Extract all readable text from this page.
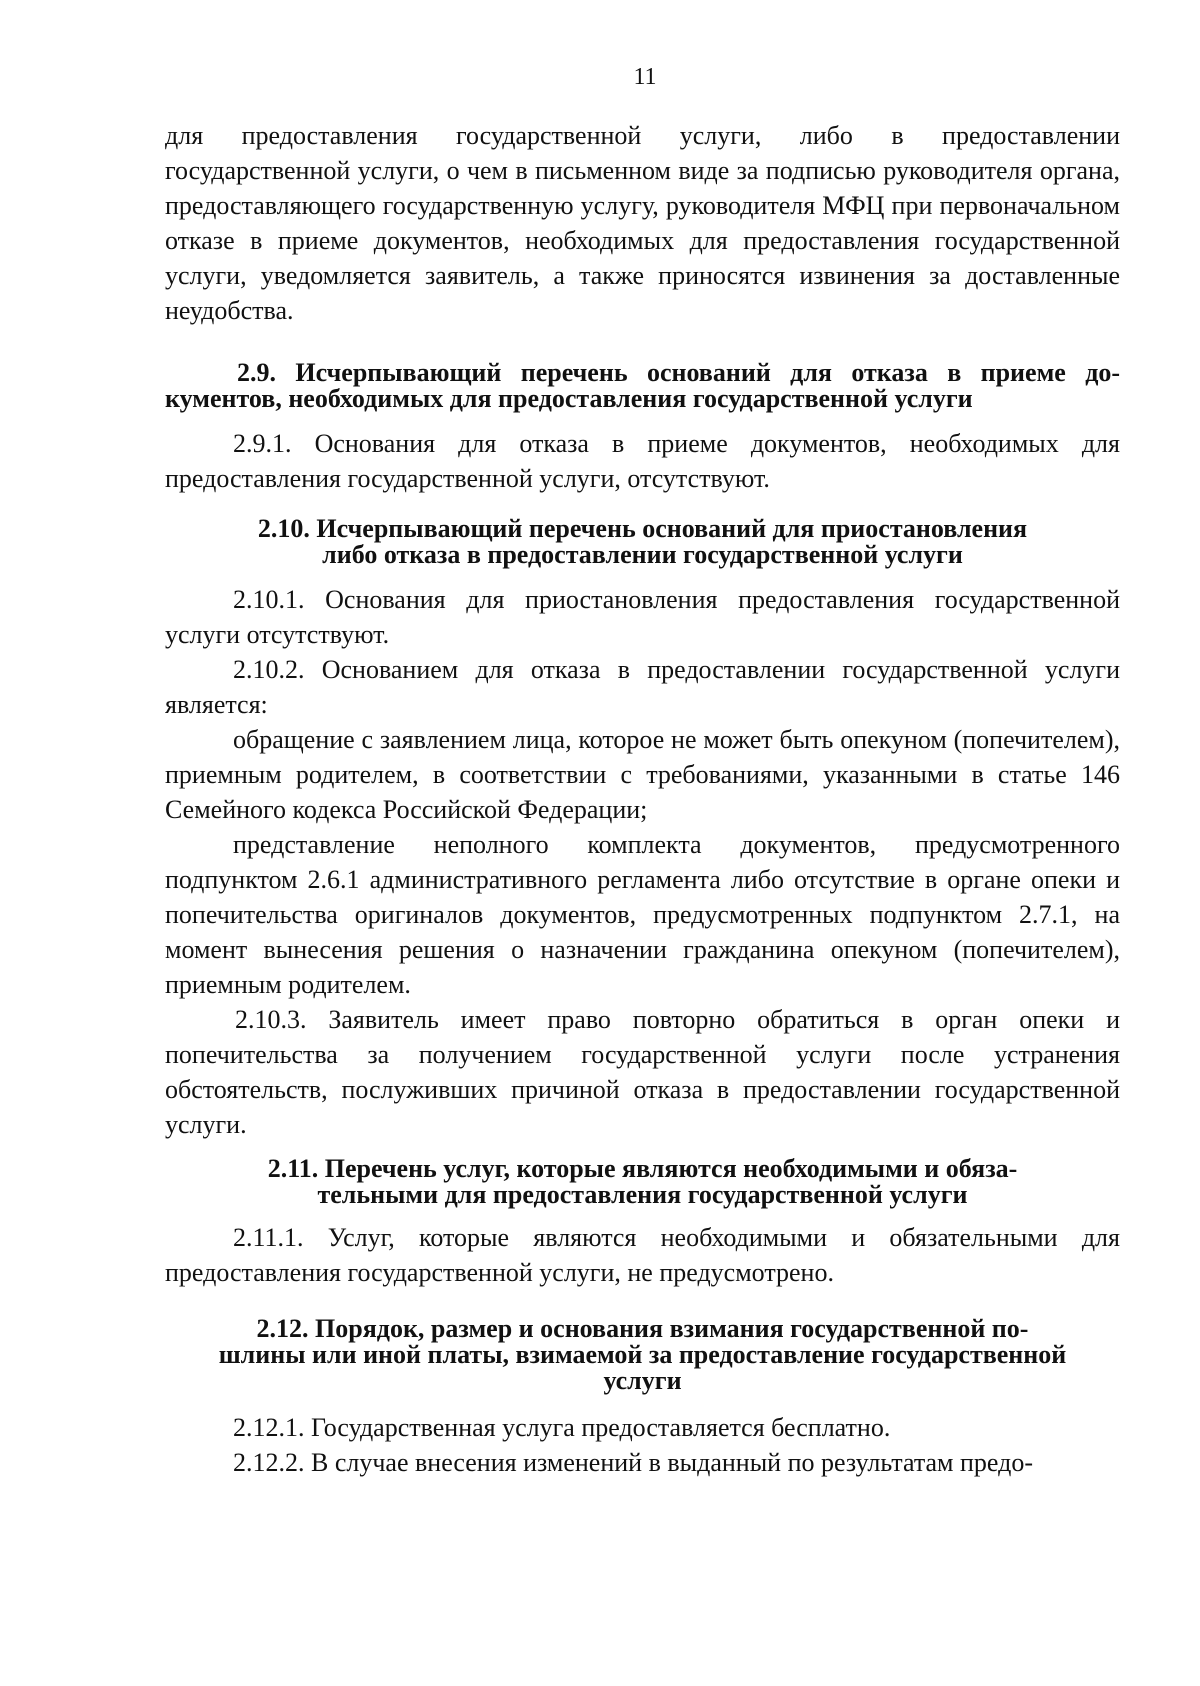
11

для предоставления государственной услуги, либо в предоставлении государственной услуги, о чем в письменном виде за подписью руководителя органа, предоставляющего государственную услугу, руководителя МФЦ при первоначальном отказе в приеме документов, необходимых для предоставления государственной услуги, уведомляется заявитель, а также приносятся извинения за доставленные неудобства.

2.9. Исчерпывающий перечень оснований для отказа в приеме до-
кументов, необходимых для предоставления государственной услуги

2.9.1. Основания для отказа в приеме документов, необходимых для предоставления государственной услуги, отсутствуют.

2.10. Исчерпывающий перечень оснований для приостановления
либо отказа в предоставлении государственной услуги

2.10.1. Основания для приостановления предоставления государственной услуги отсутствуют.

2.10.2. Основанием для отказа в предоставлении государственной услуги является:

обращение с заявлением лица, которое не может быть опекуном (попечителем), приемным родителем, в соответствии с требованиями, указанными в статье 146 Семейного кодекса Российской Федерации;

представление неполного комплекта документов, предусмотренного подпунктом 2.6.1 административного регламента либо отсутствие в органе опеки и попечительства оригиналов документов, предусмотренных подпунктом 2.7.1, на момент вынесения решения о назначении гражданина опекуном (попечителем), приемным родителем.

2.10.3. Заявитель имеет право повторно обратиться в орган опеки и попечительства за получением государственной услуги после устранения обстоятельств, послуживших причиной отказа в предоставлении государственной услуги.

2.11. Перечень услуг, которые являются необходимыми и обяза-
тельными для предоставления государственной услуги

2.11.1. Услуг, которые являются необходимыми и обязательными для предоставления государственной услуги, не предусмотрено.

2.12. Порядок, размер и основания взимания государственной по-
шлины или иной платы, взимаемой за предоставление государственной
услуги

2.12.1. Государственная услуга предоставляется бесплатно.

2.12.2. В случае внесения изменений в выданный по результатам предо-
